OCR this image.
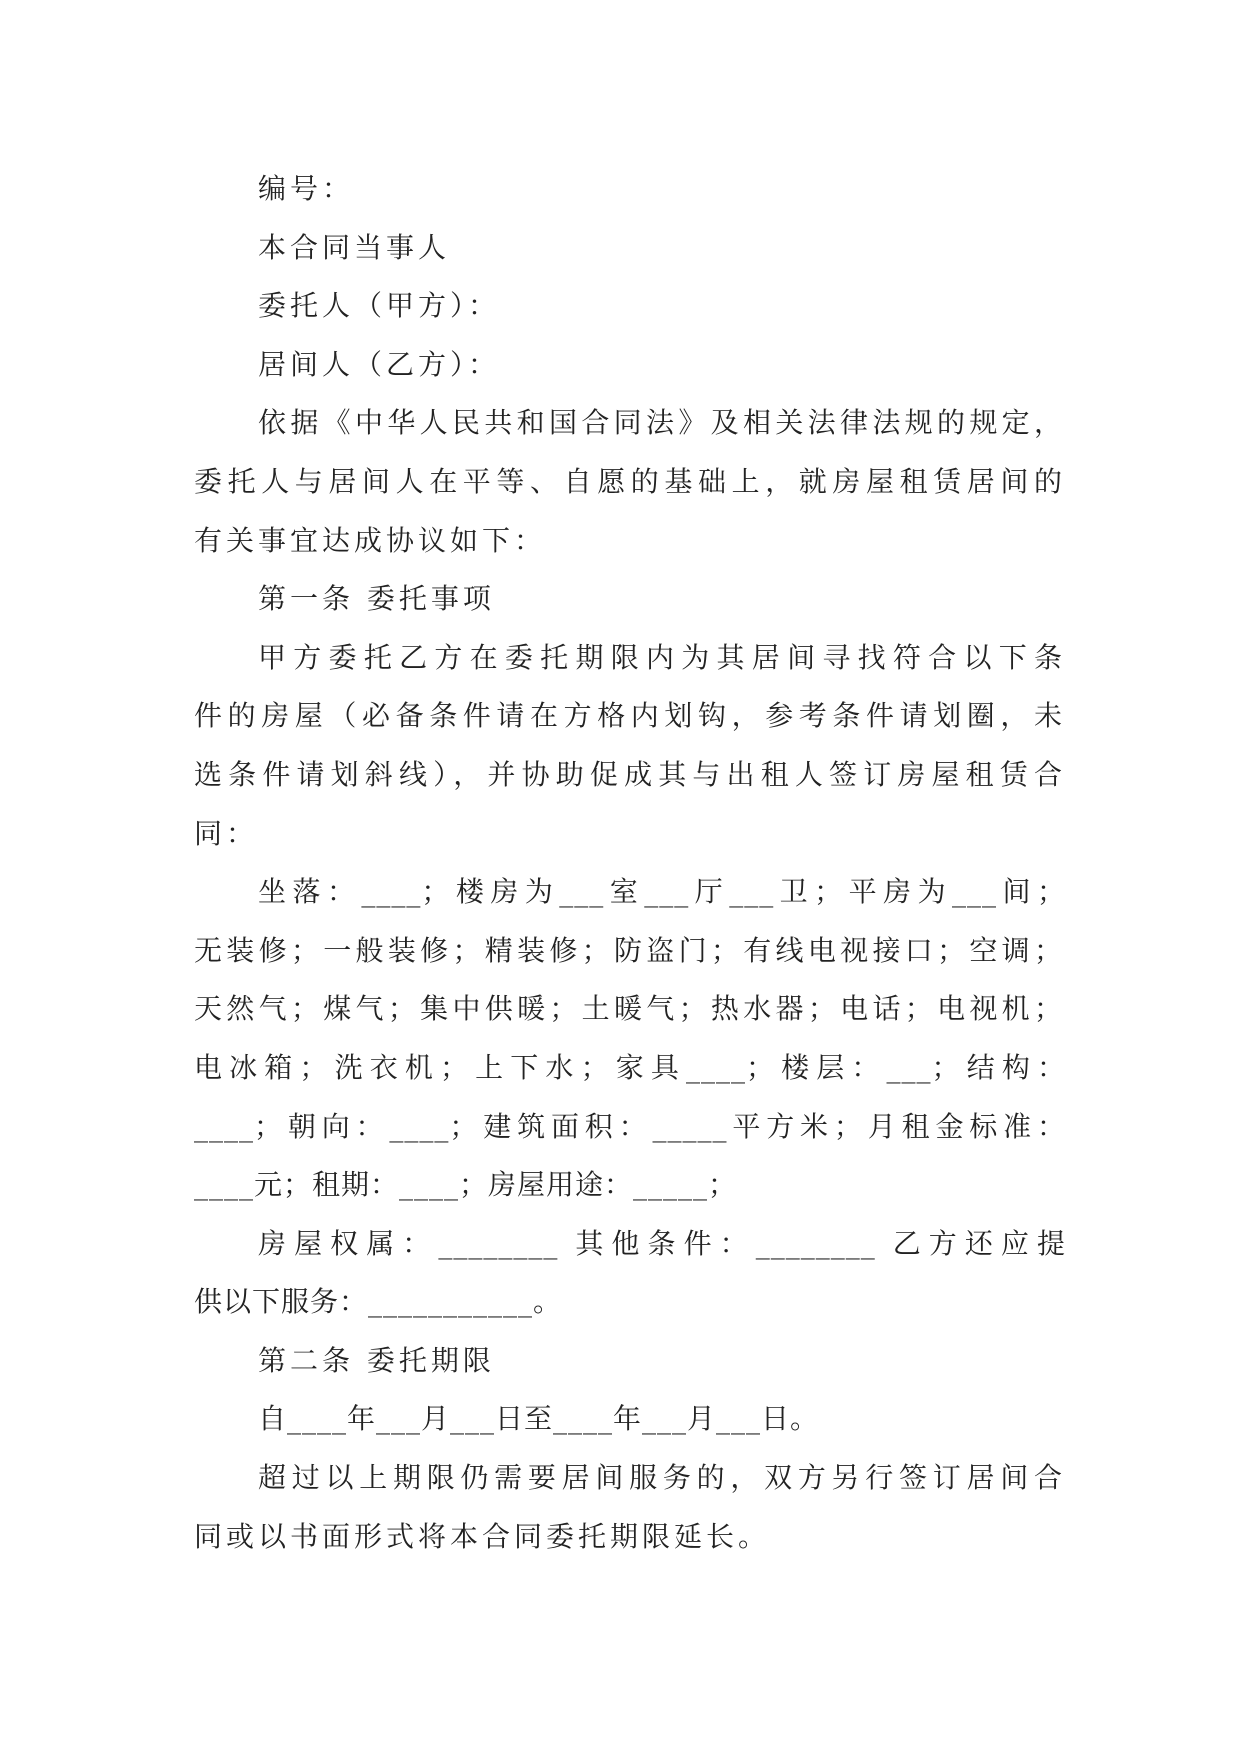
编号：
本合同当事人
委托人（甲方）：
居间人（乙方）：
依据《中华人民共和国合同法》及相关法律法规的规定，
委托人与居间人在平等、自愿的基础上，就房屋租赁居间的
有关事宜达成协议如下：
第一条 委托事项
甲方委托乙方在委托期限内为其居间寻找符合以下条
件的房屋（必备条件请在方格内划钩，参考条件请划圈，未
选条件请划斜线），并协助促成其与出租人签订房屋租赁合
同：
坐落：____；楼房为___室___厅___卫；平房为___间；
无装修；一般装修；精装修；防盗门；有线电视接口；空调；
天然气；煤气；集中供暖；土暖气；热水器；电话；电视机；
电冰箱；洗衣机；上下水；家具____；楼层：___；结构：
____；朝向：____；建筑面积：_____平方米；月租金标准：
____元；租期：____；房屋用途：_____；
房屋权属：________ 其他条件：________ 乙方还应提
供以下服务：___________。
第二条 委托期限
自____年___月___日至____年___月___日。
超过以上期限仍需要居间服务的，双方另行签订居间合
同或以书面形式将本合同委托期限延长。
